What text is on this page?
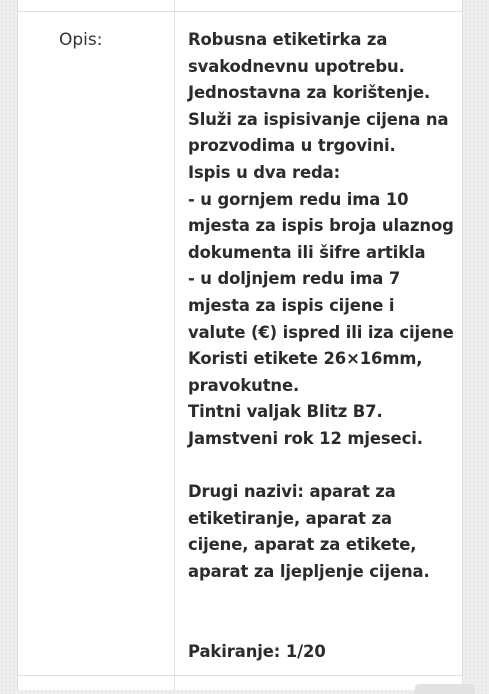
Opis:	Robusna etiketirka za
svakodnevnu upotrebu.
Jednostavna za korištenje.
Služi za ispisivanje cijena na
prozvodima u trgovini.
Ispis u dva reda:
- u gornjem redu ima 10
mjesta za ispis broja ulaznog
dokumenta ili šifre artikla
- u doljnjem redu ima 7
mjesta za ispis cijene i
valute (€) ispred ili iza cijene
Koristi etikete 26×16mm,
pravokutne.
Tintni valjak Blitz B7.
Jamstveni rok 12 mjeseci.
Drugi nazivi: aparat za
etiketiranje, aparat za
cijene, aparat za etikete,
aparat za ljepljenje cijena.
Pakiranje: 1/20
